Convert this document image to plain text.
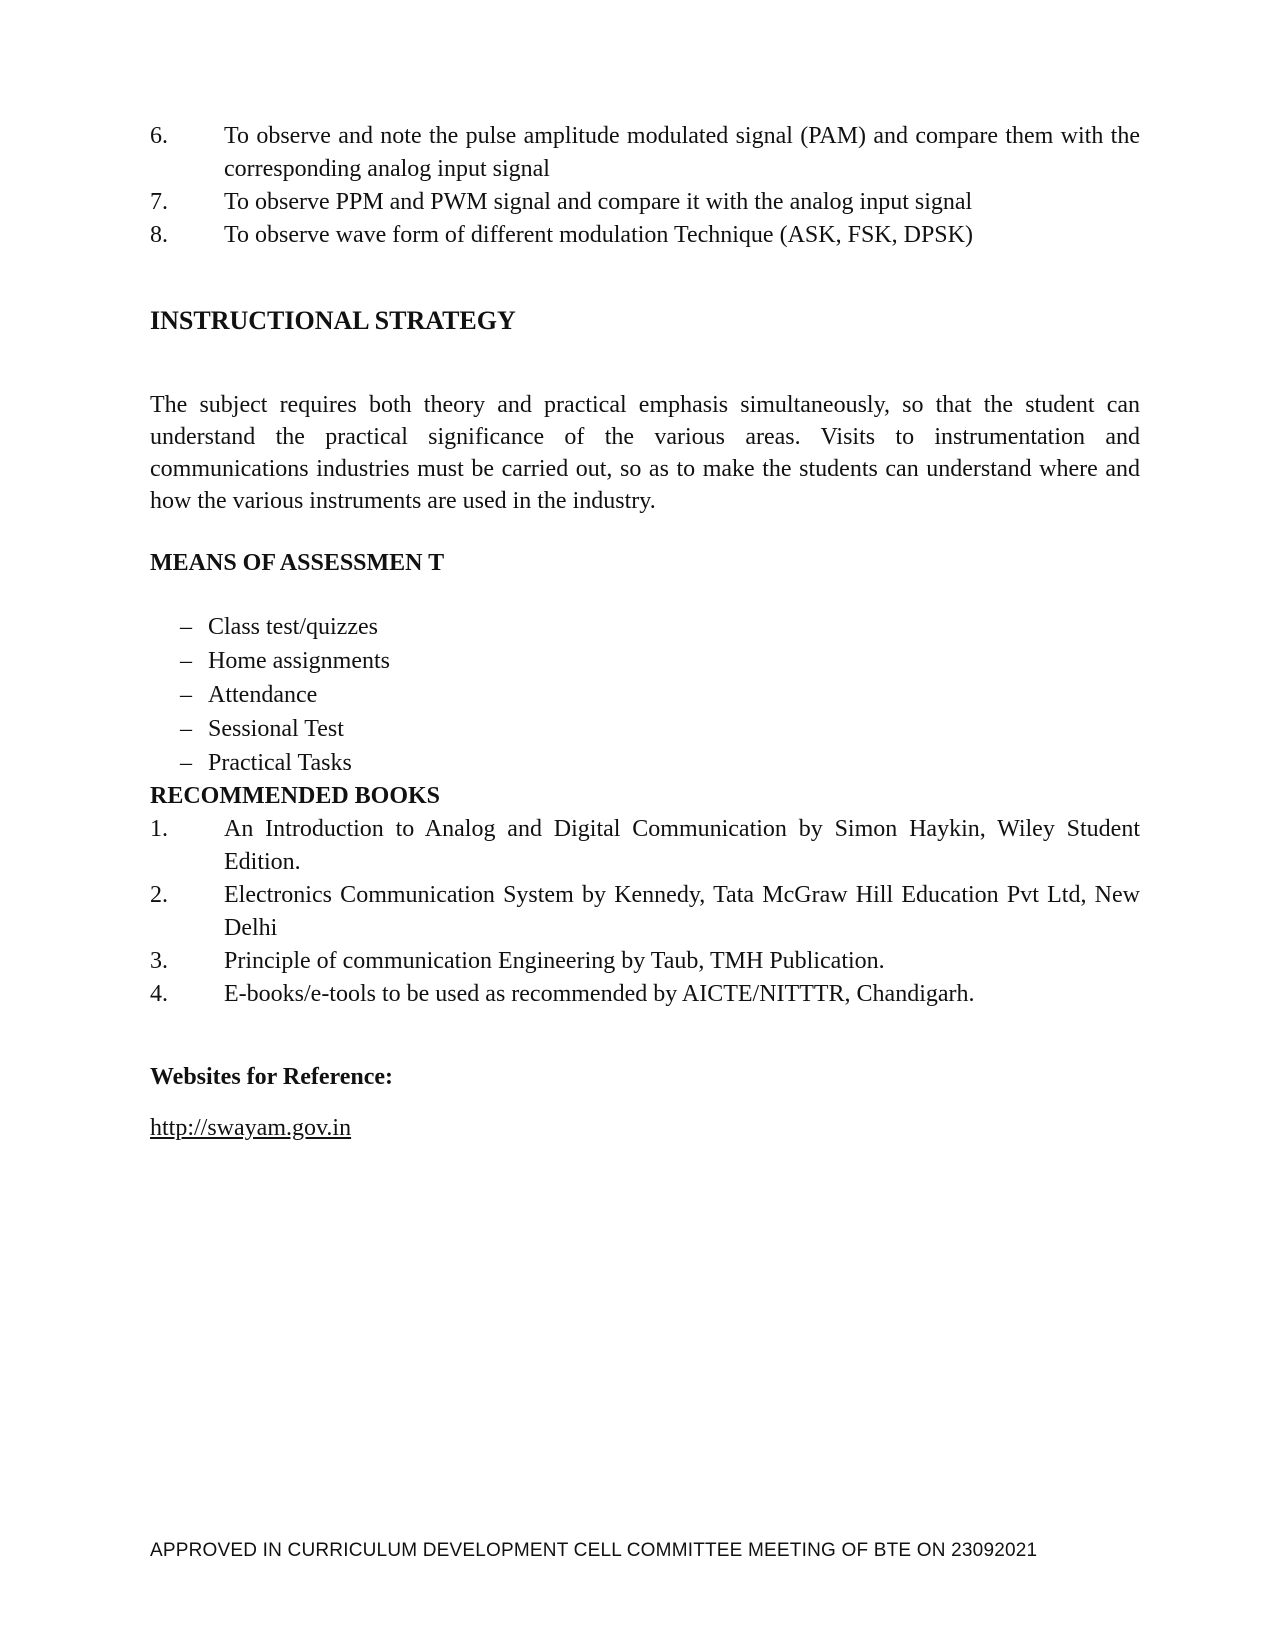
6.	To observe and note the pulse amplitude modulated signal (PAM) and compare them with the corresponding analog input signal
7.	To observe PPM and PWM signal and compare it with the analog input signal
8.	To observe wave form of different modulation Technique (ASK, FSK, DPSK)
INSTRUCTIONAL STRATEGY

The subject requires both theory and practical emphasis simultaneously, so that the student can understand the practical significance of the various areas. Visits to instrumentation and communications industries must be carried out, so as to make the students can understand where and how the various instruments are used in the industry.

MEANS OF ASSESSMEN T
– Class test/quizzes
– Home assignments
– Attendance
– Sessional Test
– Practical Tasks
RECOMMENDED BOOKS
1.	An Introduction to Analog and Digital Communication by Simon Haykin, Wiley Student Edition.
2.	Electronics Communication System by Kennedy, Tata McGraw Hill Education Pvt Ltd, New Delhi
3.	Principle of communication Engineering by Taub, TMH Publication.
4.	E-books/e-tools to be used as recommended by AICTE/NITTTR, Chandigarh.
Websites for Reference:
http://swayam.gov.in
APPROVED IN CURRICULUM DEVELOPMENT CELL COMMITTEE MEETING OF BTE ON 23092021
